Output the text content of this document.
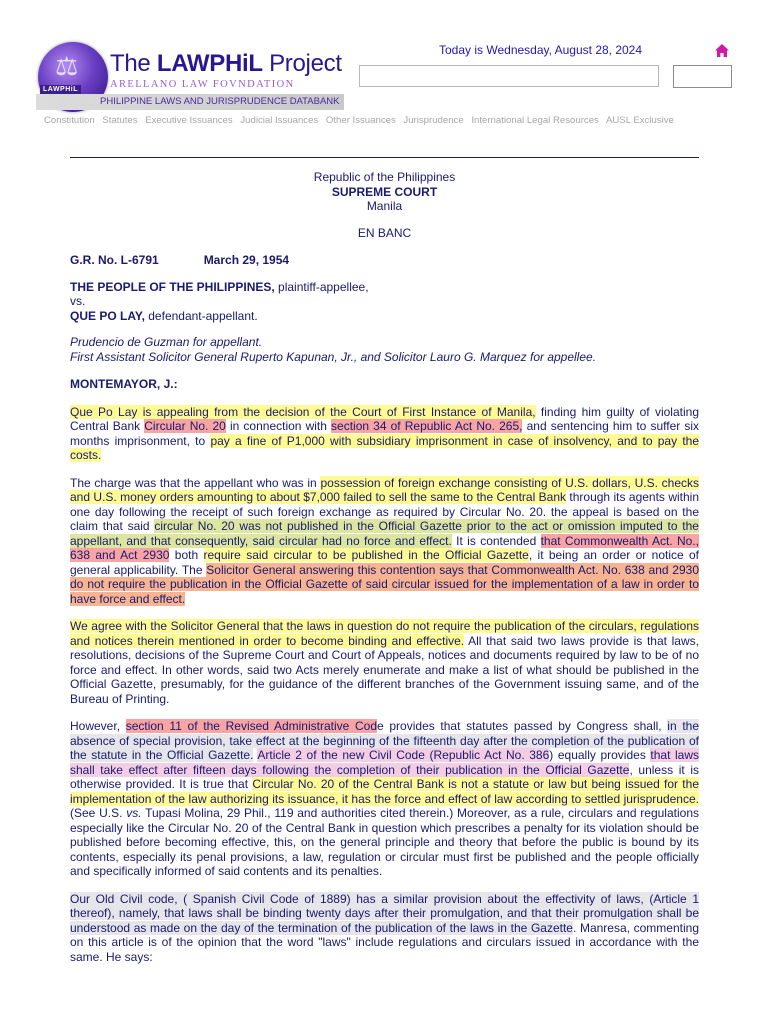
⚖
LAWPHiL
The LAWPHiL Project
ARELLANO LAW FOVNDATION
PHILIPPINE LAWS AND JURISPRUDENCE DATABANK
Today is Wednesday, August 28, 2024
Constitution Statutes Executive Issuances Judicial Issuances Other Issuances Jurisprudence International Legal Resources AUSL Exclusive
Republic of the Philippines
SUPREME COURT
Manila
EN BANC
G.R. No. L-6791	March 29, 1954
THE PEOPLE OF THE PHILIPPINES, plaintiff-appellee,
vs.
QUE PO LAY, defendant-appellant.
Prudencio de Guzman for appellant.
First Assistant Solicitor General Ruperto Kapunan, Jr., and Solicitor Lauro G. Marquez for appellee.
MONTEMAYOR, J.:

Que Po Lay is appealing from the decision of the Court of First Instance of Manila, finding him guilty of violating Central Bank Circular No. 20 in connection with section 34 of Republic Act No. 265, and sentencing him to suffer six months imprisonment, to pay a fine of P1,000 with subsidiary imprisonment in case of insolvency, and to pay the costs.

The charge was that the appellant who was in possession of foreign exchange consisting of U.S. dollars, U.S. checks and U.S. money orders amounting to about $7,000 failed to sell the same to the Central Bank through its agents within one day following the receipt of such foreign exchange as required by Circular No. 20. the appeal is based on the claim that said circular No. 20 was not published in the Official Gazette prior to the act or omission imputed to the appellant, and that consequently, said circular had no force and effect. It is contended that Commonwealth Act. No., 638 and Act 2930 both require said circular to be published in the Official Gazette, it being an order or notice of general applicability. The Solicitor General answering this contention says that Commonwealth Act. No. 638 and 2930 do not require the publication in the Official Gazette of said circular issued for the implementation of a law in order to have force and effect.

We agree with the Solicitor General that the laws in question do not require the publication of the circulars, regulations and notices therein mentioned in order to become binding and effective. All that said two laws provide is that laws, resolutions, decisions of the Supreme Court and Court of Appeals, notices and documents required by law to be of no force and effect. In other words, said two Acts merely enumerate and make a list of what should be published in the Official Gazette, presumably, for the guidance of the different branches of the Government issuing same, and of the Bureau of Printing.

However, section 11 of the Revised Administrative Code provides that statutes passed by Congress shall, in the absence of special provision, take effect at the beginning of the fifteenth day after the completion of the publication of the statute in the Official Gazette. Article 2 of the new Civil Code (Republic Act No. 386) equally provides that laws shall take effect after fifteen days following the completion of their publication in the Official Gazette, unless it is otherwise provided. It is true that Circular No. 20 of the Central Bank is not a statute or law but being issued for the implementation of the law authorizing its issuance, it has the force and effect of law according to settled jurisprudence. (See U.S. vs. Tupasi Molina, 29 Phil., 119 and authorities cited therein.) Moreover, as a rule, circulars and regulations especially like the Circular No. 20 of the Central Bank in question which prescribes a penalty for its violation should be published before becoming effective, this, on the general principle and theory that before the public is bound by its contents, especially its penal provisions, a law, regulation or circular must first be published and the people officially and specifically informed of said contents and its penalties.

Our Old Civil code, ( Spanish Civil Code of 1889) has a similar provision about the effectivity of laws, (Article 1 thereof), namely, that laws shall be binding twenty days after their promulgation, and that their promulgation shall be understood as made on the day of the termination of the publication of the laws in the Gazette. Manresa, commenting on this article is of the opinion that the word "laws" include regulations and circulars issued in accordance with the same. He says:
